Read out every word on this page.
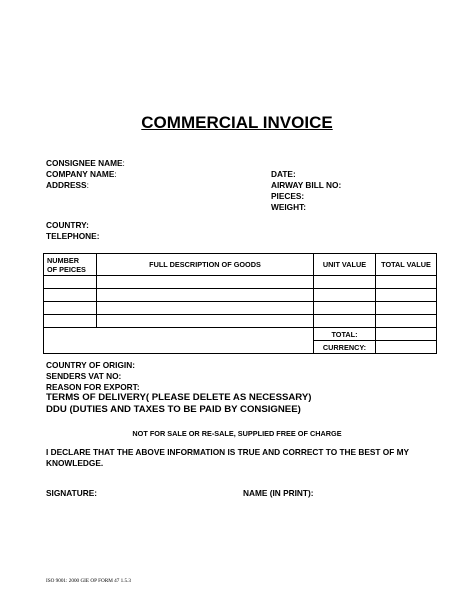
COMMERCIAL INVOICE
CONSIGNEE NAME:
COMPANY NAME:
ADDRESS:
DATE:
AIRWAY BILL NO:
PIECES:
WEIGHT:
COUNTRY:
TELEPHONE:
NUMBER
OF PEICES	FULL DESCRIPTION OF GOODS	UNIT VALUE	TOTAL VALUE

		TOTAL:	
		CURRENCY:	
COUNTRY OF ORIGIN:
SENDERS VAT NO:
REASON FOR EXPORT:
TERMS OF DELIVERY( PLEASE DELETE AS NECESSARY)
DDU (DUTIES AND TAXES TO BE PAID BY CONSIGNEE)
NOT FOR SALE OR RE-SALE, SUPPLIED FREE OF CHARGE
I DECLARE THAT THE ABOVE INFORMATION IS TRUE AND CORRECT TO THE BEST OF MY KNOWLEDGE.
SIGNATURE:	NAME (IN PRINT):
ISO 9001: 2000 GIE OP FORM 47 1.5.3
